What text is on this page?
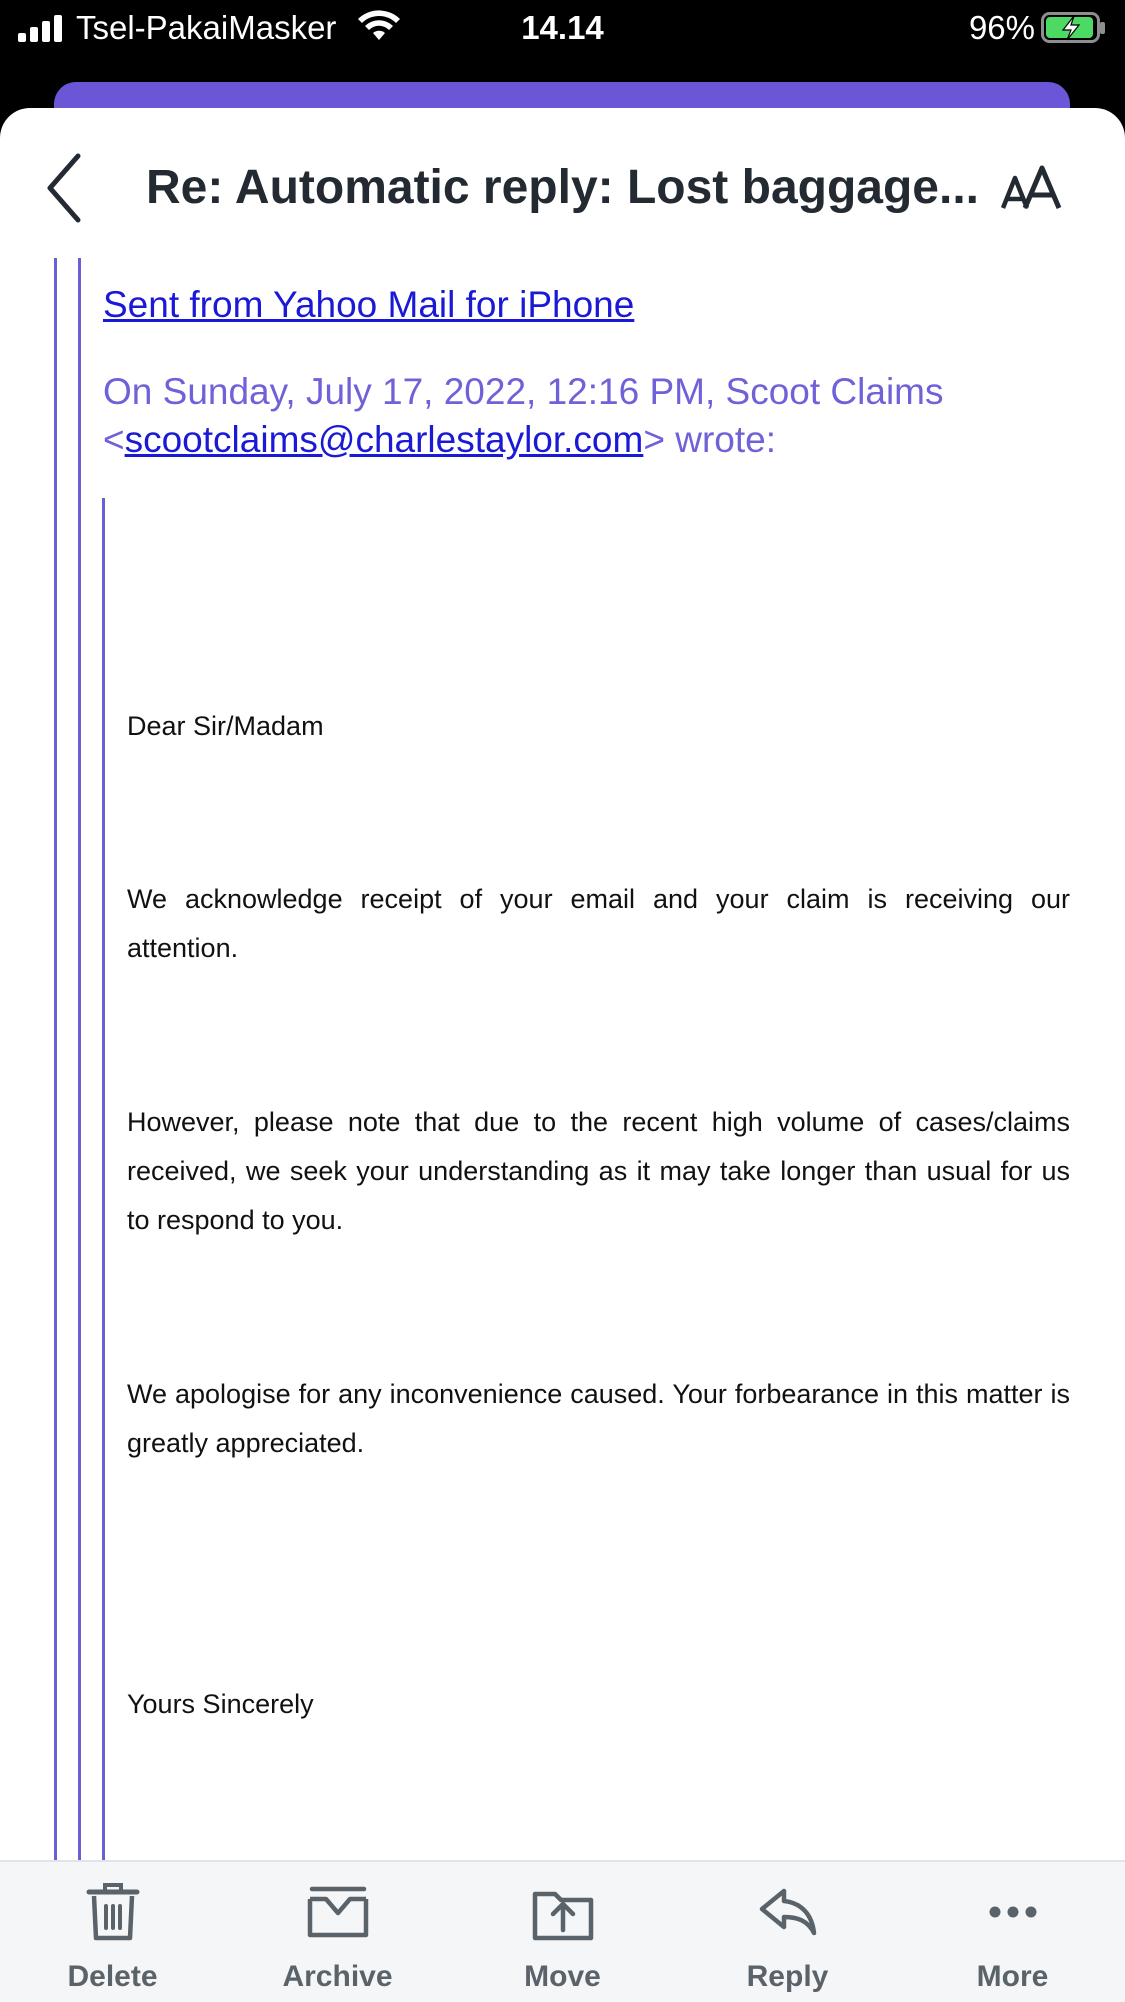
Tsel-PakaiMasker	14.14	96%
Re: Automatic reply: Lost baggage...
Sent from Yahoo Mail for iPhone
On Sunday, July 17, 2022, 12:16 PM, Scoot Claims <scootclaims@charlestaylor.com> wrote:
Dear Sir/Madam
We acknowledge receipt of your email and your claim is receiving our attention.
However, please note that due to the recent high volume of cases/claims received, we seek your understanding as it may take longer than usual for us to respond to you.
We apologise for any inconvenience caused. Your forbearance in this matter is greatly appreciated.
Yours Sincerely
Delete	Archive	Move	Reply	More
